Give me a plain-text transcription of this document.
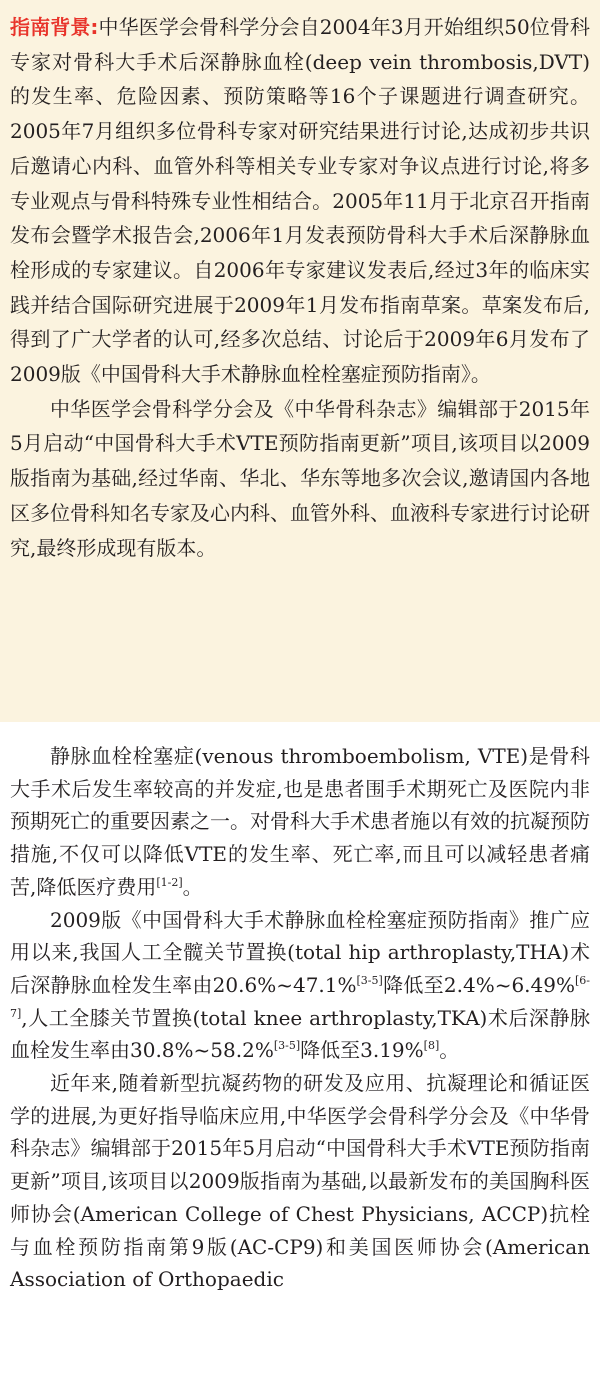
指南背景:中华医学会骨科学分会自2004年3月开始组织50位骨科专家对骨科大手术后深静脉血栓(deep vein thrombosis,DVT)的发生率、危险因素、预防策略等16个子课题进行调查研究。2005年7月组织多位骨科专家对研究结果进行讨论,达成初步共识后邀请心内科、血管外科等相关专业专家对争议点进行讨论,将多专业观点与骨科特殊专业性相结合。2005年11月于北京召开指南发布会暨学术报告会,2006年1月发表预防骨科大手术后深静脉血栓形成的专家建议。自2006年专家建议发表后,经过3年的临床实践并结合国际研究进展于2009年1月发布指南草案。草案发布后,得到了广大学者的认可,经多次总结、讨论后于2009年6月发布了2009版《中国骨科大手术静脉血栓栓塞症预防指南》。

中华医学会骨科学分会及《中华骨科杂志》编辑部于2015年5月启动“中国骨科大手术VTE预防指南更新”项目,该项目以2009版指南为基础,经过华南、华北、华东等地多次会议,邀请国内各地区多位骨科知名专家及心内科、血管外科、血液科专家进行讨论研究,最终形成现有版本。

静脉血栓栓塞症(venous thromboembolism, VTE)是骨科大手术后发生率较高的并发症,也是患者围手术期死亡及医院内非预期死亡的重要因素之一。对骨科大手术患者施以有效的抗凝预防措施,不仅可以降低VTE的发生率、死亡率,而且可以减轻患者痛苦,降低医疗费用[1-2]。

2009版《中国骨科大手术静脉血栓栓塞症预防指南》推广应用以来,我国人工全髋关节置换(total hip arthroplasty,THA)术后深静脉血栓发生率由20.6%~47.1%[3-5]降低至2.4%~6.49%[6-7],人工全膝关节置换(total knee arthroplasty,TKA)术后深静脉血栓发生率由30.8%~58.2%[3-5]降低至3.19%[8]。

近年来,随着新型抗凝药物的研发及应用、抗凝理论和循证医学的进展,为更好指导临床应用,中华医学会骨科学分会及《中华骨科杂志》编辑部于2015年5月启动“中国骨科大手术VTE预防指南更新”项目,该项目以2009版指南为基础,以最新发布的美国胸科医师协会(American College of Chest Physicians, ACCP)抗栓与血栓预防指南第9版(AC-CP9)和美国医师协会(American Association of Orthopaedic
